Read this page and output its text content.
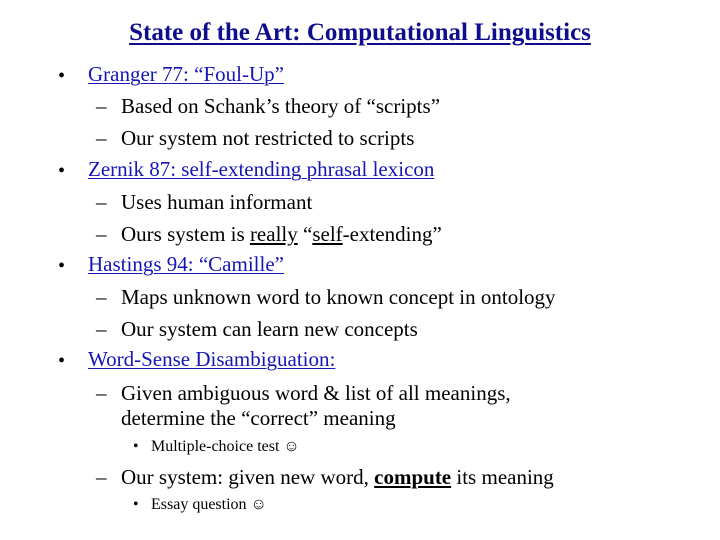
State of the Art: Computational Linguistics
• Granger 77: “Foul-Up”
– Based on Schank’s theory of “scripts”
– Our system not restricted to scripts
• Zernik 87: self-extending phrasal lexicon
– Uses human informant
– Ours system is really “self-extending”
• Hastings 94: “Camille”
– Maps unknown word to known concept in ontology
– Our system can learn new concepts
• Word-Sense Disambiguation:
– Given ambiguous word & list of all meanings,
determine the “correct” meaning
• Multiple-choice test ☺
– Our system: given new word, compute its meaning
• Essay question ☺
